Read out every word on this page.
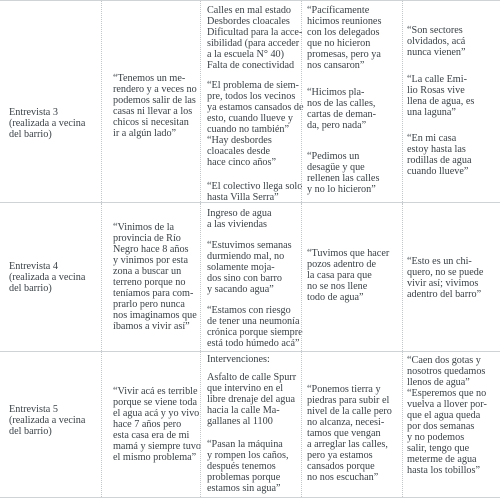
Entrevista 3
(realizada a vecina
del barrio)
“Tenemos un me-
rendero y a veces no
podemos salir de las
casas ni llevar a los
chicos si necesitan
ir a algún lado”
Calles en mal estado
Desbordes cloacales
Dificultad para la acce-
sibilidad (para acceder
a la escuela N° 40)
Falta de conectividad
“El problema de siem-
pre, todos los vecinos
ya estamos cansados de
esto, cuando llueve y
cuando no también”
“Hay desbordes
cloacales desde
hace cinco años”
“El colectivo llega solo
hasta Villa Serra”
“Pacíficamente
hicimos reuniones
con los delegados
que no hicieron
promesas, pero ya
nos cansaron”
“Hicimos pla-
nos de las calles,
cartas de deman-
da, pero nada”
“Pedimos un
desagüe y que
rellenen las calles
y no lo hicieron”
“Son sectores
olvidados, acá
nunca vienen”
“La calle Emi-
lio Rosas vive
llena de agua, es
una laguna”
“En mi casa
estoy hasta las
rodillas de agua
cuando llueve”
Entrevista 4
(realizada a vecina
del barrio)
“Vinimos de la
provincia de Río
Negro hace 8 años
y vinimos por esta
zona a buscar un
terreno porque no
teníamos para com-
prarlo pero nunca
nos imaginamos que
íbamos a vivir así”
Ingreso de agua
a las viviendas
“Estuvimos semanas
durmiendo mal, no
solamente moja-
dos sino con barro
y sacando agua”
“Estamos con riesgo
de tener una neumonía
crónica porque siempre
está todo húmedo acá”
“Tuvimos que hacer
pozos adentro de
la casa para que
no se nos llene
todo de agua”
“Esto es un chi-
quero, no se puede
vivir así; vivimos
adentro del barro”
Entrevista 5
(realizada a vecina
del barrio)
“Vivir acá es terrible
porque se viene toda
el agua acá y yo vivo
hace 7 años pero
esta casa era de mi
mamá y siempre tuvo
el mismo problema”
Intervenciones:
Asfalto de calle Spurr
que intervino en el
libre drenaje del agua
hacia la calle Ma-
gallanes al 1100
“Pasan la máquina
y rompen los caños,
después tenemos
problemas porque
estamos sin agua”
“Ponemos tierra y
piedras para subir el
nivel de la calle pero
no alcanza, necesi-
tamos que vengan
a arreglar las calles,
pero ya estamos
cansados porque
no nos escuchan”
“Caen dos gotas y
nosotros quedamos
llenos de agua”
“Esperemos que no
vuelva a llover por-
que el agua queda
por dos semanas
y no podemos
salir, tengo que
meterme de agua
hasta los tobillos”
